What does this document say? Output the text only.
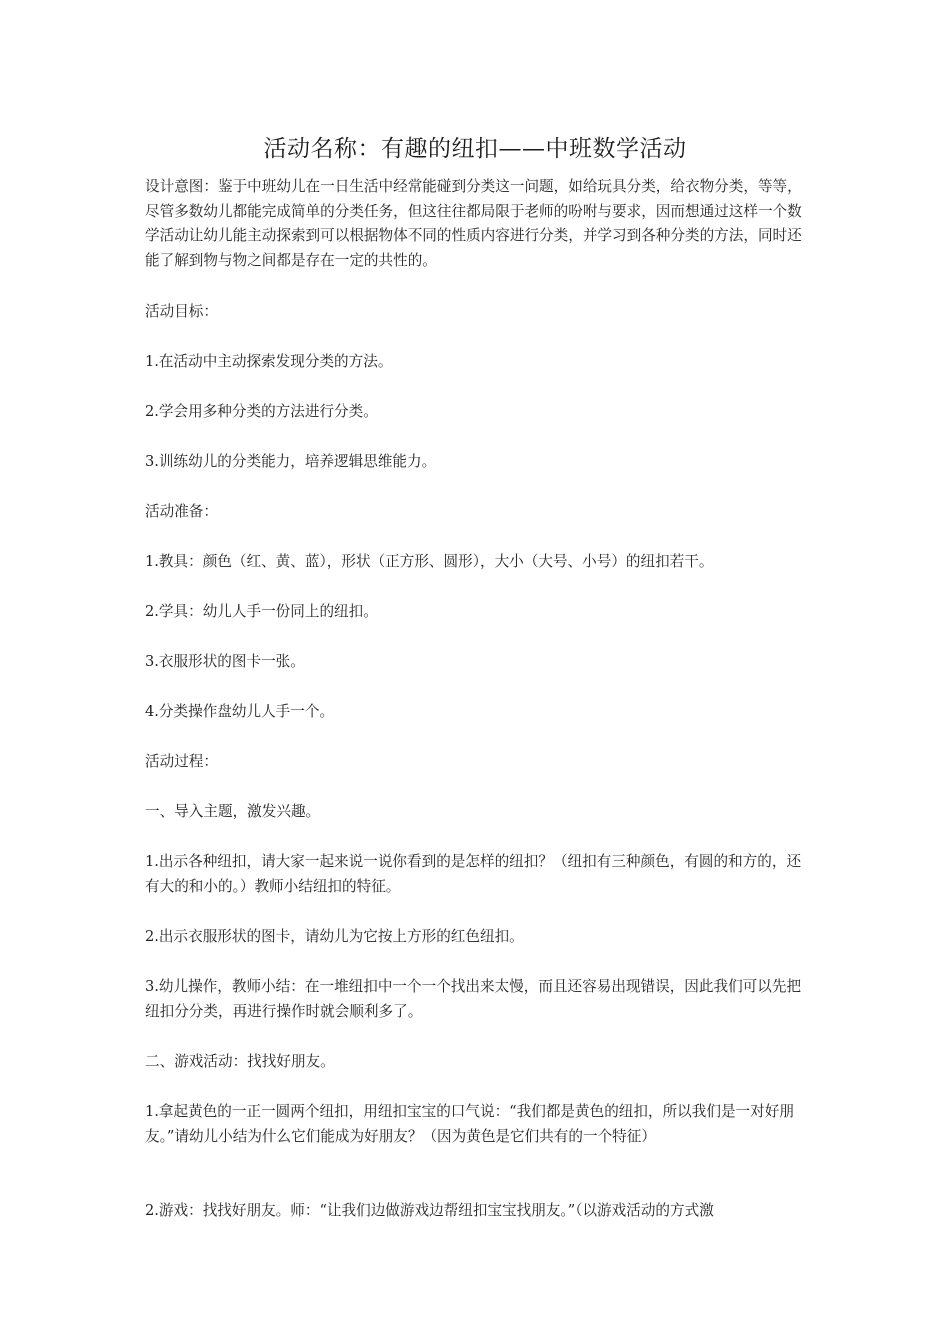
活动名称：有趣的纽扣——中班数学活动

设计意图：鉴于中班幼儿在一日生活中经常能碰到分类这一问题，如给玩具分类，给衣物分类，等等，尽管多数幼儿都能完成简单的分类任务，但这往往都局限于老师的吩咐与要求，因而想通过这样一个数学活动让幼儿能主动探索到可以根据物体不同的性质内容进行分类，并学习到各种分类的方法，同时还能了解到物与物之间都是存在一定的共性的。

活动目标：

1.在活动中主动探索发现分类的方法。

2.学会用多种分类的方法进行分类。

3.训练幼儿的分类能力，培养逻辑思维能力。

活动准备：

1.教具：颜色（红、黄、蓝），形状（正方形、圆形），大小（大号、小号）的纽扣若干。

2.学具：幼儿人手一份同上的纽扣。

3.衣服形状的图卡一张。

4.分类操作盘幼儿人手一个。

活动过程：

一、导入主题，激发兴趣。

1.出示各种纽扣，请大家一起来说一说你看到的是怎样的纽扣？（纽扣有三种颜色，有圆的和方的，还有大的和小的。）教师小结纽扣的特征。

2.出示衣服形状的图卡，请幼儿为它按上方形的红色纽扣。

3.幼儿操作，教师小结：在一堆纽扣中一个一个找出来太慢，而且还容易出现错误，因此我们可以先把纽扣分分类，再进行操作时就会顺利多了。

二、游戏活动：找找好朋友。

1.拿起黄色的一正一圆两个纽扣，用纽扣宝宝的口气说：“我们都是黄色的纽扣，所以我们是一对好朋友。”请幼儿小结为什么它们能成为好朋友？（因为黄色是它们共有的一个特征）

2.游戏：找找好朋友。师：“让我们边做游戏边帮纽扣宝宝找朋友。”（以游戏活动的方式激
